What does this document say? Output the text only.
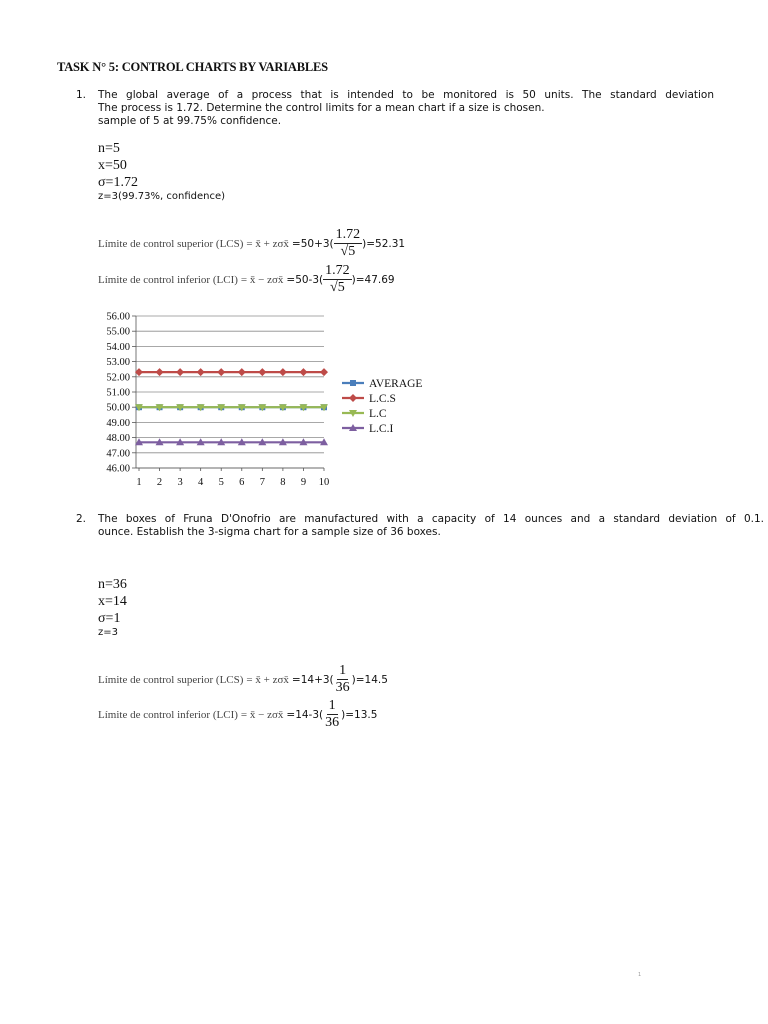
TASK N° 5: CONTROL CHARTS BY VARIABLES
1. The global average of a process that is intended to be monitored is 50 units. The standard deviation
The process is 1.72. Determine the control limits for a mean chart if a size is chosen.
sample of 5 at 99.75% confidence.
n=5
x=50
σ=1.72
z=3(99.73%, confidence)
Límite de control superior (LCS) = x̄̄ + zσx̄ $=50+3( \frac{1.72}{√5} )=52.31$
Límite de control inferior (LCI) = x̄̄ − zσx̄ $=50-3( \frac{1.72}{√5} )=47.69$
56.00
55.00
54.00
53.00
52.00
51.00
50.00
49.00
48.00
47.00
46.00
1 2 3 4 5 6 7 8 9 10
AVERAGE
L.C.S
L.C
L.C.I
2. The boxes of Fruna D'Onofrio are manufactured with a capacity of 14 ounces and a standard deviation of 0.1.
ounce. Establish the 3-sigma chart for a sample size of 36 boxes.
n=36
x=14
σ=1
z=3
Límite de control superior (LCS) = x̄̄ + zσx̄ $=14+3( \frac{1}{36} )=14.5$
Límite de control inferior (LCI) = x̄̄ − zσx̄ $=14-3( \frac{1}{36} )=13.5$
1
